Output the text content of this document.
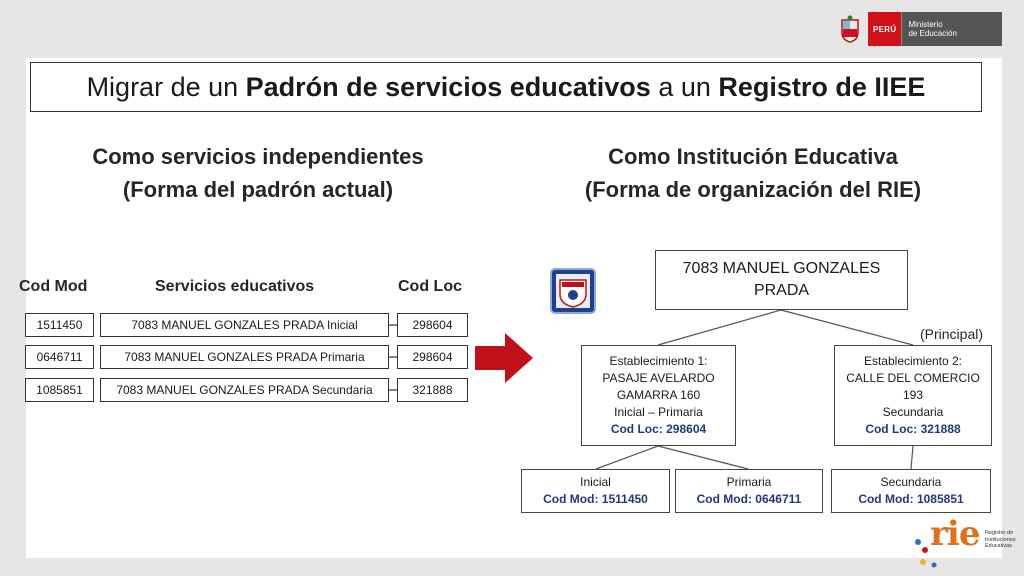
PERÚ	Ministerio
de Educación
Migrar de un Padrón de servicios educativos a un Registro de IIEE
Como servicios independientes
(Forma del padrón actual)
Como Institución Educativa
(Forma de organización del RIE)
Cod Mod	Servicios educativos	Cod Loc
1511450	7083 MANUEL GONZALES PRADA Inicial	298604
0646711	7083 MANUEL GONZALES PRADA Primaria	298604
1085851	7083 MANUEL GONZALES PRADA Secundaria	321888
7083 MANUEL GONZALES
PRADA
(Principal)
Establecimiento 1:
PASAJE AVELARDO
GAMARRA 160
Inicial – Primaria
Cod Loc: 298604
Establecimiento 2:
CALLE DEL COMERCIO
193
Secundaria
Cod Loc: 321888
Inicial
Cod Mod: 1511450
Primaria
Cod Mod: 0646711
Secundaria
Cod Mod: 1085851
rie Registro de
Instituciones
Educativas
